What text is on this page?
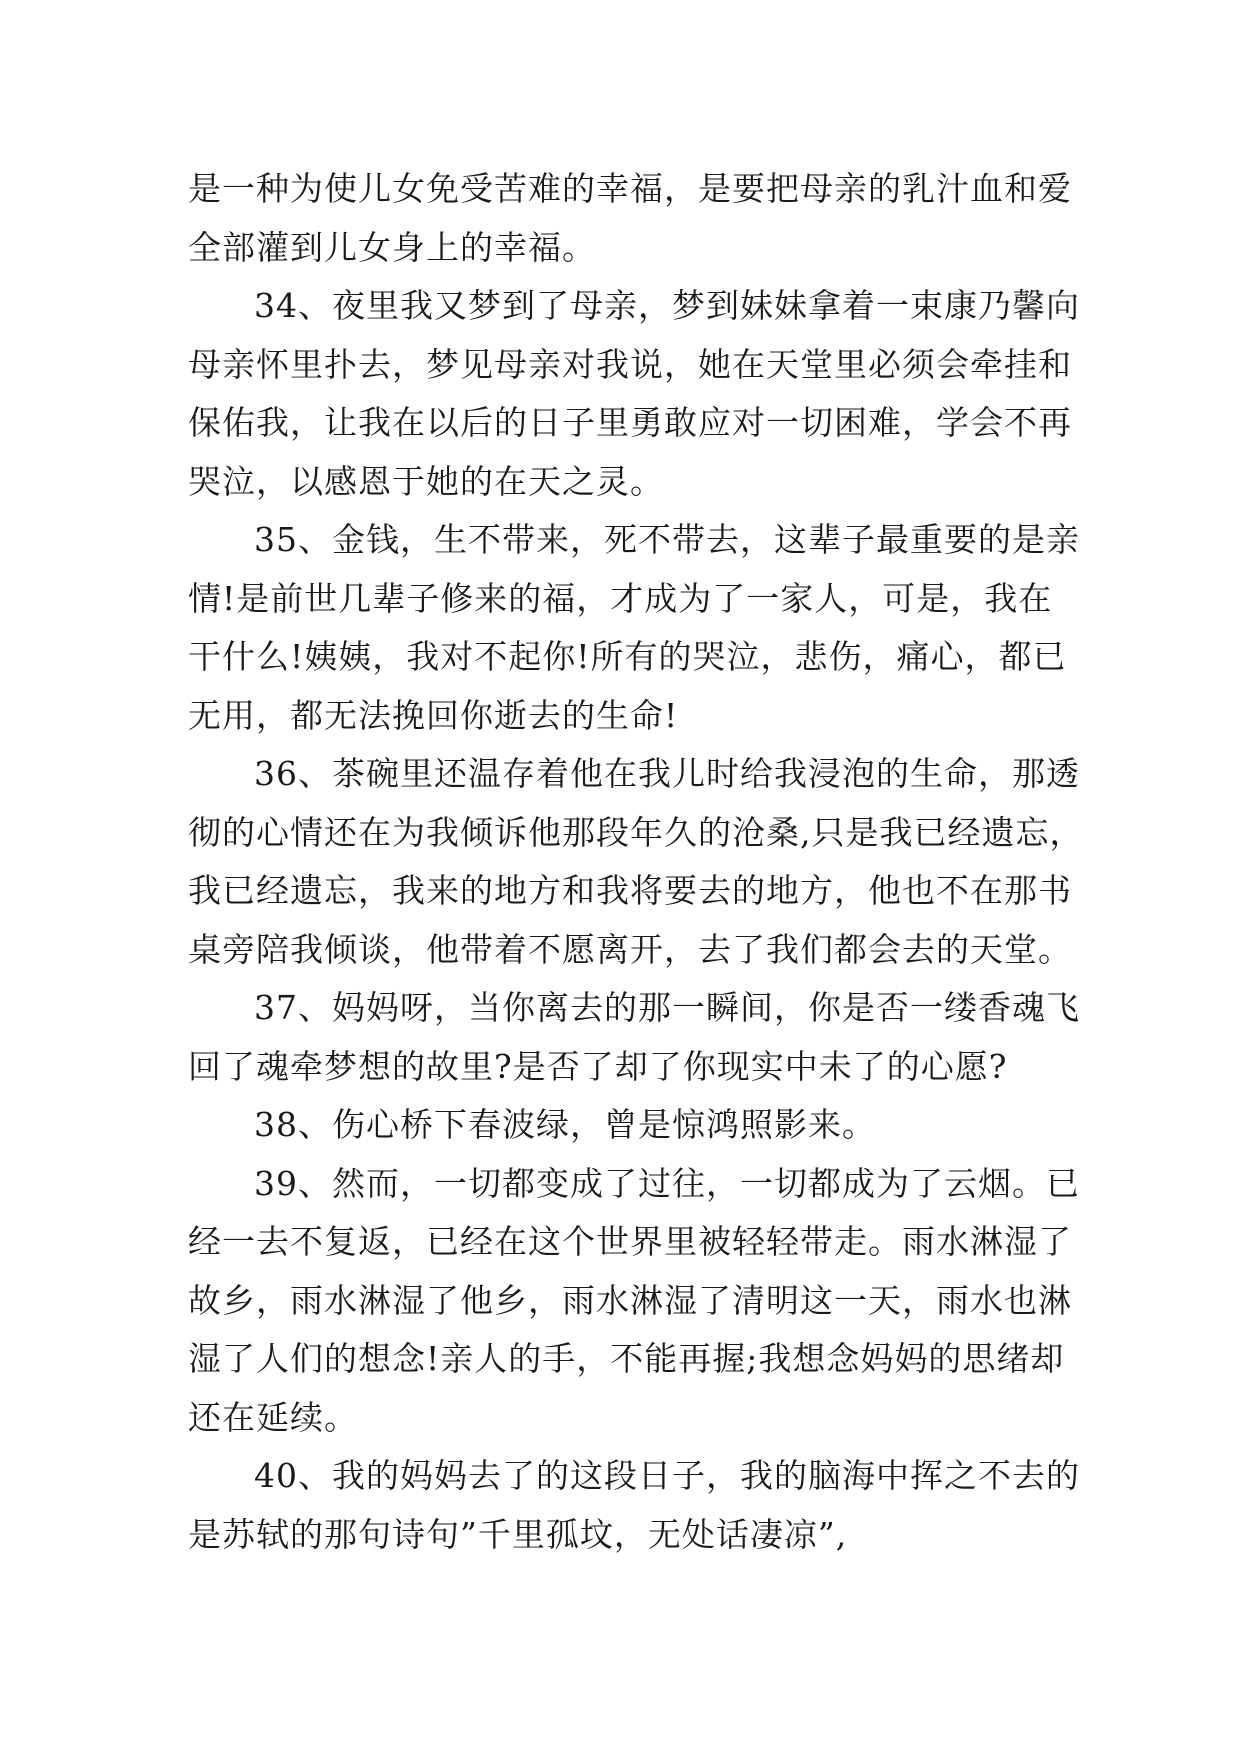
是一种为使儿女免受苦难的幸福，是要把母亲的乳汁血和爱
全部灌到儿女身上的幸福。

34、夜里我又梦到了母亲，梦到妹妹拿着一束康乃馨向
母亲怀里扑去，梦见母亲对我说，她在天堂里必须会牵挂和
保佑我，让我在以后的日子里勇敢应对一切困难，学会不再
哭泣，以感恩于她的在天之灵。

35、金钱，生不带来，死不带去，这辈子最重要的是亲
情!是前世几辈子修来的福，才成为了一家人，可是，我在
干什么!姨姨，我对不起你!所有的哭泣，悲伤，痛心，都已
无用，都无法挽回你逝去的生命!

36、茶碗里还温存着他在我儿时给我浸泡的生命，那透
彻的心情还在为我倾诉他那段年久的沧桑,只是我已经遗忘，
我已经遗忘，我来的地方和我将要去的地方，他也不在那书
桌旁陪我倾谈，他带着不愿离开，去了我们都会去的天堂。

37、妈妈呀，当你离去的那一瞬间，你是否一缕香魂飞
回了魂牵梦想的故里?是否了却了你现实中未了的心愿?

38、伤心桥下春波绿，曾是惊鸿照影来。

39、然而，一切都变成了过往，一切都成为了云烟。已
经一去不复返，已经在这个世界里被轻轻带走。雨水淋湿了
故乡，雨水淋湿了他乡，雨水淋湿了清明这一天，雨水也淋
湿了人们的想念!亲人的手，不能再握;我想念妈妈的思绪却
还在延续。

40、我的妈妈去了的这段日子，我的脑海中挥之不去的
是苏轼的那句诗句”千里孤坟，无处话凄凉”,
